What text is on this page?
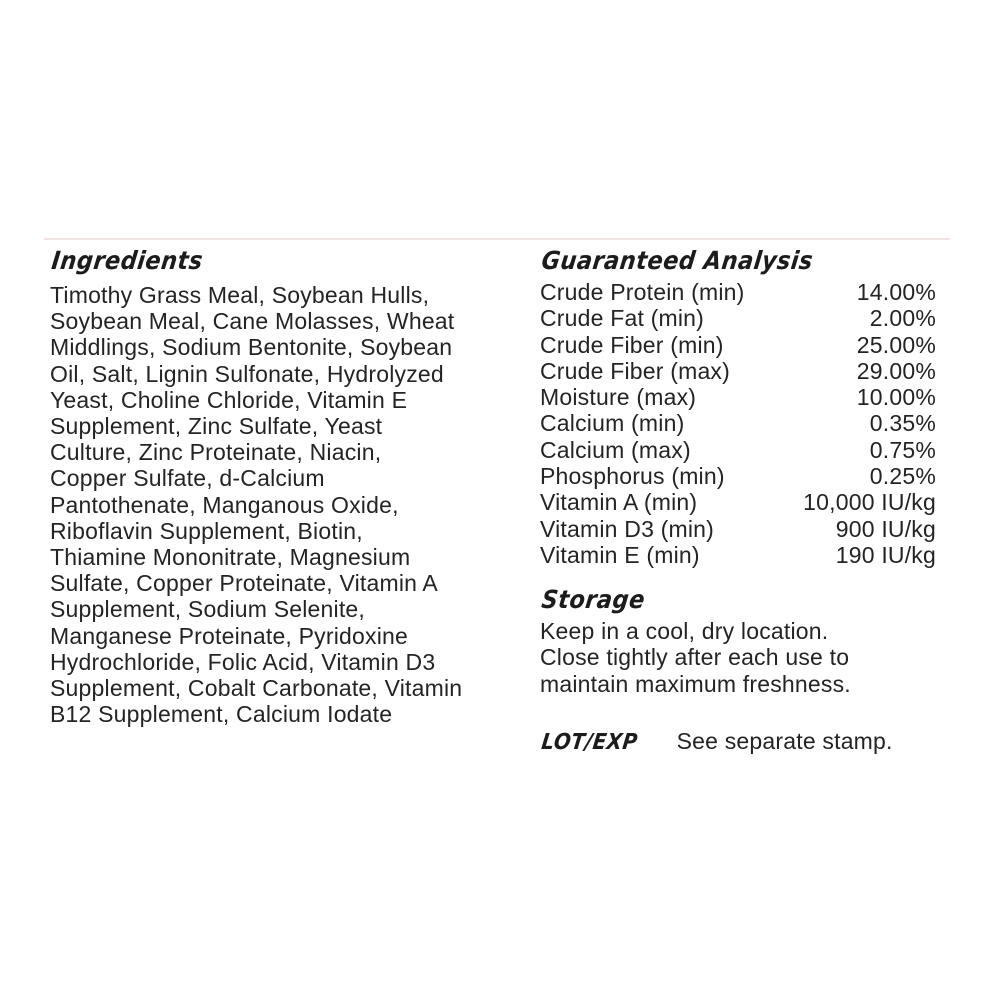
Ingredients
Timothy Grass Meal, Soybean Hulls,
Soybean Meal, Cane Molasses, Wheat
Middlings, Sodium Bentonite, Soybean
Oil, Salt, Lignin Sulfonate, Hydrolyzed
Yeast, Choline Chloride, Vitamin E
Supplement, Zinc Sulfate, Yeast
Culture, Zinc Proteinate, Niacin,
Copper Sulfate, d-Calcium
Pantothenate, Manganous Oxide,
Riboflavin Supplement, Biotin,
Thiamine Mononitrate, Magnesium
Sulfate, Copper Proteinate, Vitamin A
Supplement, Sodium Selenite,
Manganese Proteinate, Pyridoxine
Hydrochloride, Folic Acid, Vitamin D3
Supplement, Cobalt Carbonate, Vitamin
B12 Supplement, Calcium Iodate
Guaranteed Analysis
Crude Protein (min)	14.00%
Crude Fat (min)	2.00%
Crude Fiber (min)	25.00%
Crude Fiber (max)	29.00%
Moisture (max)	10.00%
Calcium (min)	0.35%
Calcium (max)	0.75%
Phosphorus (min)	0.25%
Vitamin A (min)	10,000 IU/kg
Vitamin D3 (min)	900 IU/kg
Vitamin E (min)	190 IU/kg
Storage
Keep in a cool, dry location.
Close tightly after each use to
maintain maximum freshness.
LOT/EXP See separate stamp.
